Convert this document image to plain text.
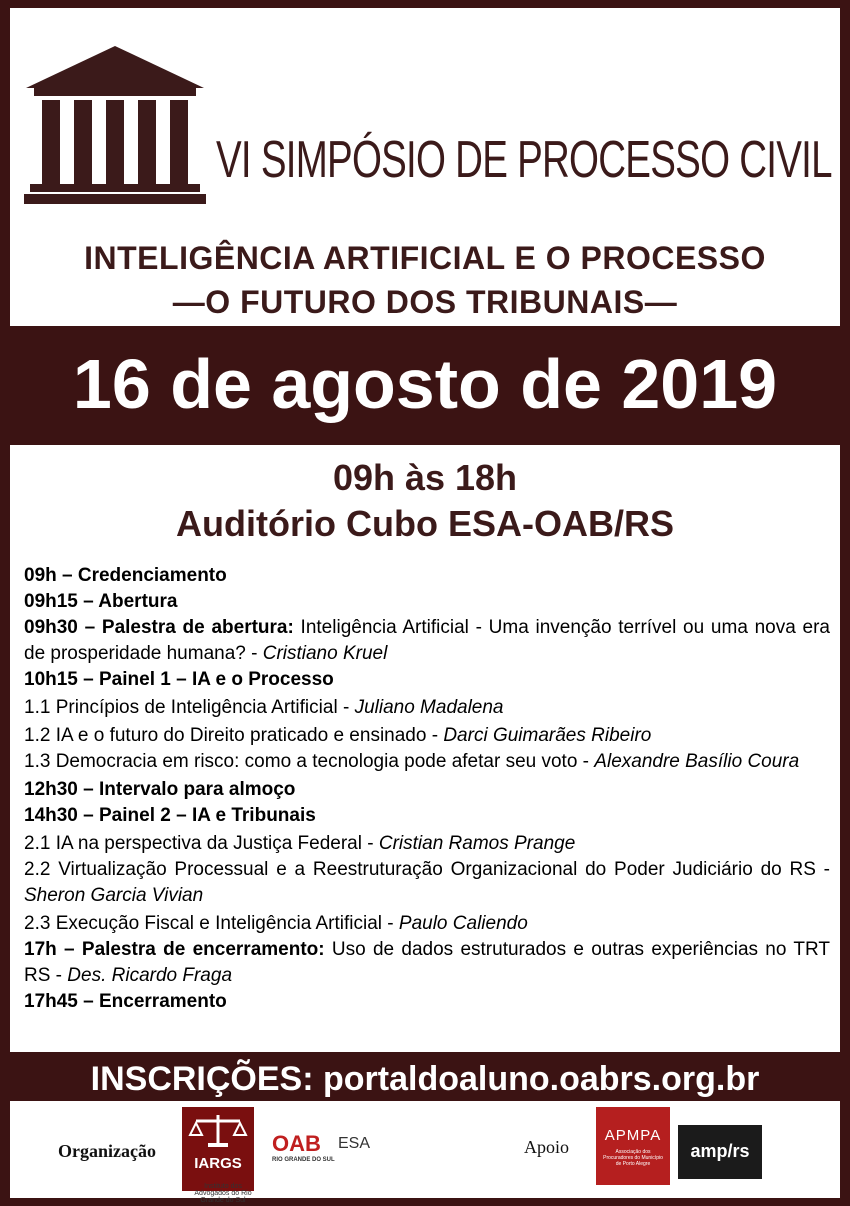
VI SIMPÓSIO DE PROCESSO CIVIL
INTELIGÊNCIA ARTIFICIAL E O PROCESSO
—O FUTURO DOS TRIBUNAIS—
16 de agosto de 2019
09h às 18h
Auditório Cubo ESA-OAB/RS
09h – Credenciamento
09h15 – Abertura
09h30 – Palestra de abertura: Inteligência Artificial - Uma invenção terrível ou uma nova era de prosperidade humana? - Cristiano Kruel
10h15 – Painel 1 – IA e o Processo
1.1 Princípios de Inteligência Artificial - Juliano Madalena
1.2 IA e o futuro do Direito praticado e ensinado - Darci Guimarães Ribeiro
1.3 Democracia em risco: como a tecnologia pode afetar seu voto - Alexandre Basílio Coura
12h30 – Intervalo para almoço
14h30 – Painel 2 – IA e Tribunais
2.1 IA na perspectiva da Justiça Federal - Cristian Ramos Prange
2.2 Virtualização Processual e a Reestruturação Organizacional do Poder Judiciário do RS - Sheron Garcia Vivian
2.3 Execução Fiscal e Inteligência Artificial - Paulo Caliendo
17h – Palestra de encerramento: Uso de dados estruturados e outras experiências no TRT RS - Des. Ricardo Fraga
17h45 – Encerramento
INSCRIÇÕES: portaldoaluno.oabrs.org.br
Organização
IARGS
Instituto dos Advogados do Rio Grande do Sul
OAB
RIO GRANDE DO SUL
ESA	Apoio
APMPA
Associação dos Procuradores do Município de Porto Alegre
amp/rs
